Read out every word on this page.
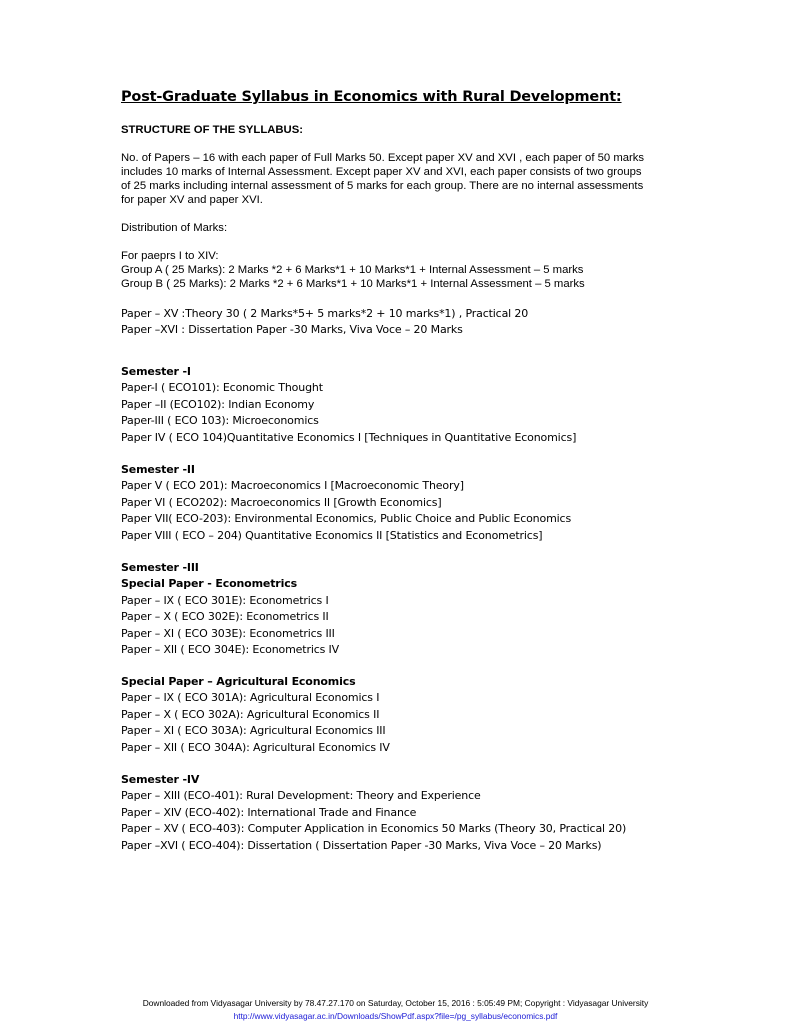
Post-Graduate Syllabus in Economics with Rural Development:
STRUCTURE OF THE SYLLABUS:
No. of Papers – 16 with each paper of Full Marks 50. Except paper XV and XVI , each paper of 50 marks
includes 10 marks of Internal Assessment. Except paper XV and XVI, each paper consists of two groups
of 25 marks including internal assessment of 5 marks for each group. There are no internal assessments
for paper XV and paper XVI.
Distribution of Marks:
For paeprs I to XIV:
Group A ( 25 Marks): 2 Marks *2 + 6 Marks*1 + 10 Marks*1 + Internal Assessment – 5 marks
Group B ( 25 Marks): 2 Marks *2 + 6 Marks*1 + 10 Marks*1 + Internal Assessment – 5 marks
Paper – XV :Theory 30 ( 2 Marks*5+ 5 marks*2 + 10 marks*1) , Practical 20
Paper –XVI : Dissertation Paper -30 Marks, Viva Voce – 20 Marks
Semester -I
Paper-I ( ECO101): Economic Thought
Paper –II (ECO102): Indian Economy
Paper-III ( ECO 103): Microeconomics
Paper IV ( ECO 104)Quantitative Economics I [Techniques in Quantitative Economics]
Semester -II
Paper V ( ECO 201): Macroeconomics I [Macroeconomic Theory]
Paper VI ( ECO202): Macroeconomics II [Growth Economics]
Paper VII( ECO-203): Environmental Economics, Public Choice and Public Economics
Paper VIII ( ECO – 204) Quantitative Economics II [Statistics and Econometrics]
Semester -III
Special Paper - Econometrics
Paper – IX ( ECO 301E): Econometrics I
Paper – X ( ECO 302E): Econometrics II
Paper – XI ( ECO 303E): Econometrics III
Paper – XII ( ECO 304E): Econometrics IV
Special Paper – Agricultural Economics
Paper – IX ( ECO 301A): Agricultural Economics I
Paper – X ( ECO 302A): Agricultural Economics II
Paper – XI ( ECO 303A): Agricultural Economics III
Paper – XII ( ECO 304A): Agricultural Economics IV
Semester -IV
Paper – XIII (ECO-401): Rural Development: Theory and Experience
Paper – XIV (ECO-402): International Trade and Finance
Paper – XV ( ECO-403): Computer Application in Economics 50 Marks (Theory 30, Practical 20)
Paper –XVI ( ECO-404): Dissertation ( Dissertation Paper -30 Marks, Viva Voce – 20 Marks)
Downloaded from Vidyasagar University by 78.47.27.170 on Saturday, October 15, 2016 : 5:05:49 PM; Copyright : Vidyasagar University
http://www.vidyasagar.ac.in/Downloads/ShowPdf.aspx?file=/pg_syllabus/economics.pdf
